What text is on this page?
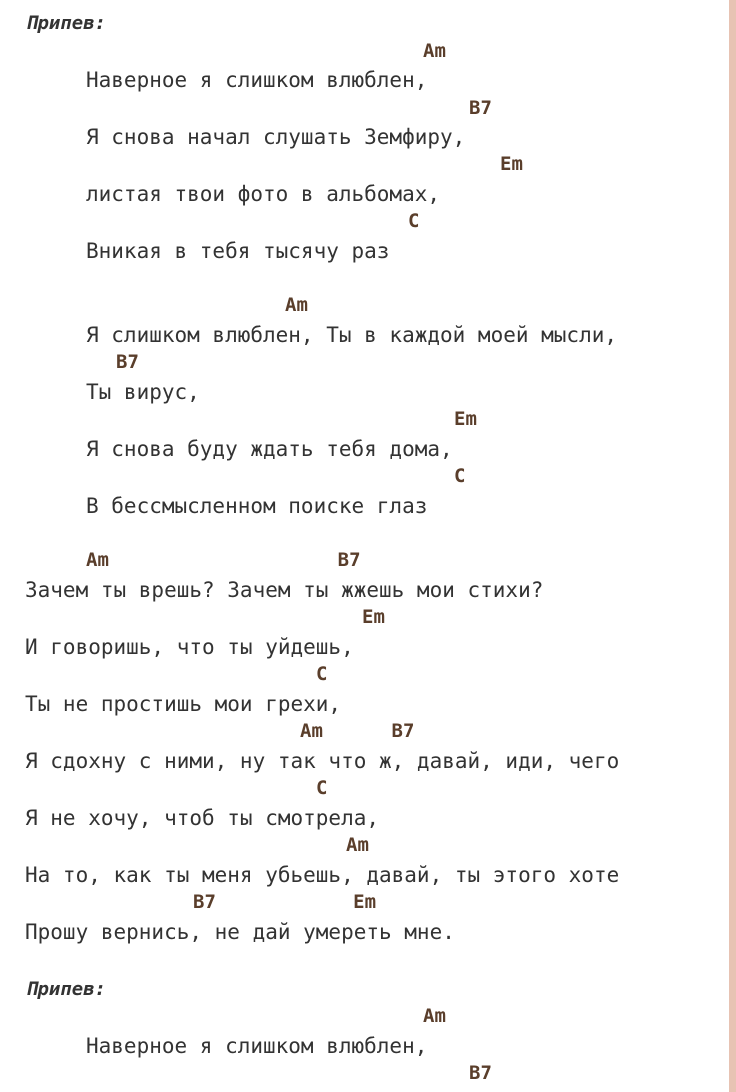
Припев:
Am
Наверное я слишком влюблен,
B7
Я снова начал слушать Земфиру,
Em
листая твои фото в альбомах,
C
Вникая в тебя тысячу раз
Am
Я слишком влюблен, Ты в каждой моей мысли,
B7
Ты вирус,
Em
Я снова буду ждать тебя дома,
C
В бессмысленном поиске глаз
Am                    B7
Зачем ты врешь? Зачем ты жжешь мои стихи?
Em
И говоришь, что ты уйдешь,
C
Ты не простишь мои грехи,
Am      B7
Я сдохну с ними, ну так что ж, давай, иди, чего
C
Я не хочу, чтоб ты смотрела,
Am
На то, как ты меня убьешь, давай, ты этого хоте
B7            Em
Прошу вернись, не дай умереть мне.
Припев:
Am
Наверное я слишком влюблен,
B7
